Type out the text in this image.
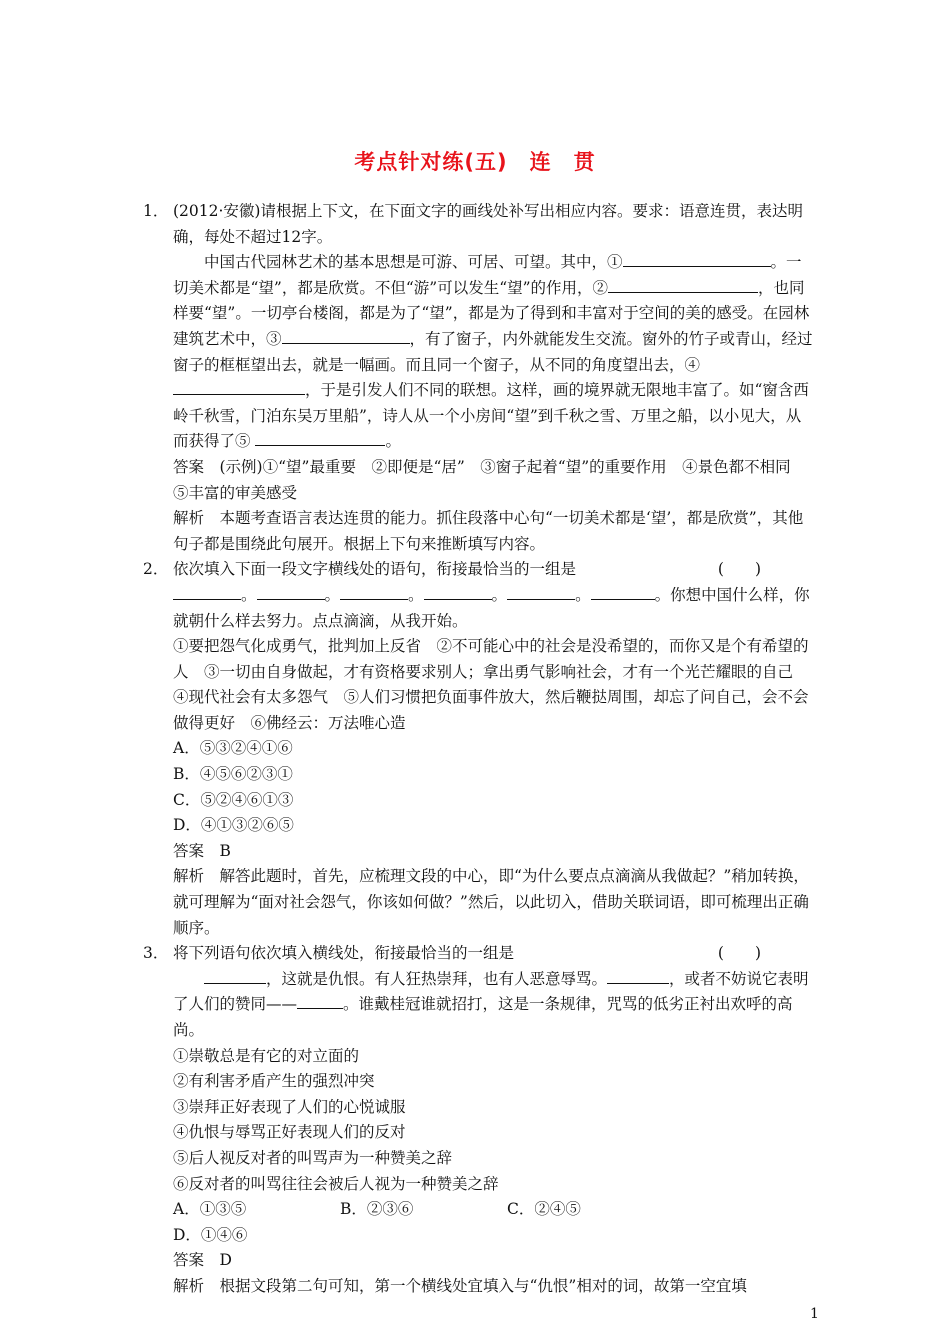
考点针对练(五)　连　贯
1． (2012·安徽)请根据上下文，在下面文字的画线处补写出相应内容。要求：语意连贯，表达明确，每处不超过12字。

中国古代园林艺术的基本思想是可游、可居、可望。其中，①	。一切美术都是“望”，都是欣赏。不但“游”可以发生“望”的作用，②	，也同样要“望”。一切亭台楼阁，都是为了“望”，都是为了得到和丰富对于空间的美的感受。在园林建筑艺术中，③	，有了窗子，内外就能发生交流。窗外的竹子或青山，经过窗子的框框望出去，就是一幅画。而且同一个窗子，从不同的角度望出去，④，于是引发人们不同的联想。这样，画的境界就无限地丰富了。如“窗含西岭千秋雪，门泊东吴万里船”，诗人从一个小房间“望”到千秋之雪、万里之船，以小见大，从而获得了⑤	。

答案　(示例)①“望”最重要　②即便是“居”　③窗子起着“望”的重要作用　④景色都不相同　⑤丰富的审美感受

解析　本题考查语言表达连贯的能力。抓住段落中心句“一切美术都是‘望’，都是欣赏”，其他句子都是围绕此句展开。根据上下句来推断填写内容。

2． 依次填入下面一段文字横线处的语句，衔接最恰当的一组是	(　　)

。	。	。	。	。	。你想中国什么样，你就朝什么样去努力。点点滴滴，从我开始。

①要把怨气化成勇气，批判加上反省　②不可能心中的社会是没希望的，而你又是个有希望的人　③一切由自身做起，才有资格要求别人；拿出勇气影响社会，才有一个光芒耀眼的自己　④现代社会有太多怨气　⑤人们习惯把负面事件放大，然后鞭挞周围，却忘了问自己，会不会做得更好　⑥佛经云：万法唯心造

A．⑤③②④①⑥
B．④⑤⑥②③①
C．⑤②④⑥①③
D．④①③②⑥⑤

答案　B

解析　解答此题时，首先，应梳理文段的中心，即“为什么要点点滴滴从我做起？”稍加转换，就可理解为“面对社会怨气，你该如何做？”然后，以此切入，借助关联词语，即可梳理出正确顺序。

3． 将下列语句依次填入横线处，衔接最恰当的一组是	(　　)

，这就是仇恨。有人狂热崇拜，也有人恶意辱骂。	，或者不妨说它表明了人们的赞同——	。谁戴桂冠谁就招打，这是一条规律，咒骂的低劣正衬出欢呼的高尚。

①崇敬总是有它的对立面的

②有利害矛盾产生的强烈冲突

③崇拜正好表现了人们的心悦诚服

④仇恨与辱骂正好表现人们的反对

⑤后人视反对者的叫骂声为一种赞美之辞

⑥反对者的叫骂往往会被后人视为一种赞美之辞

A．①③⑤	B．②③⑥	C．②④⑤
D．①④⑥

答案　D

解析　根据文段第二句可知，第一个横线处宜填入与“仇恨”相对的词，故第一空宜填

1
